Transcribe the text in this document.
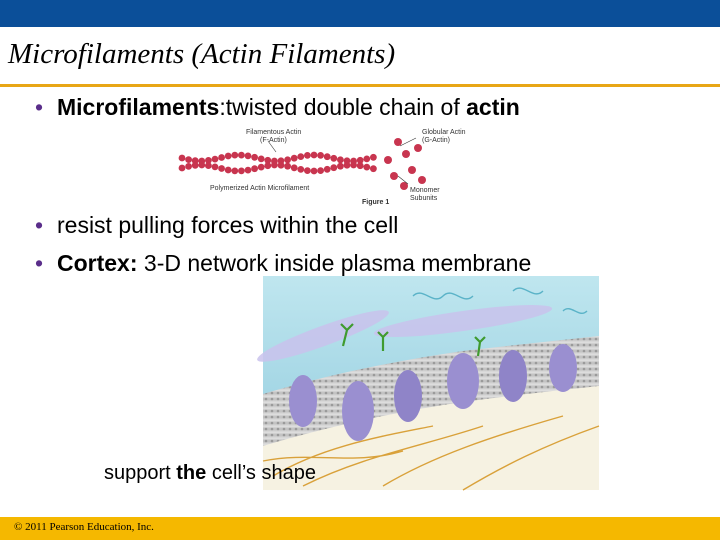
Microfilaments (Actin Filaments)
• Microfilaments:twisted double chain of actin
Filamentous Actin
(F-Actin)
Globular Actin
(G-Actin)
Polymerized Actin Microfilament
Figure 1
Monomer
Subunits
• resist pulling forces within the cell
• Cortex: 3-D network inside plasma membrane
support the cell’s shape
© 2011 Pearson Education, Inc.
